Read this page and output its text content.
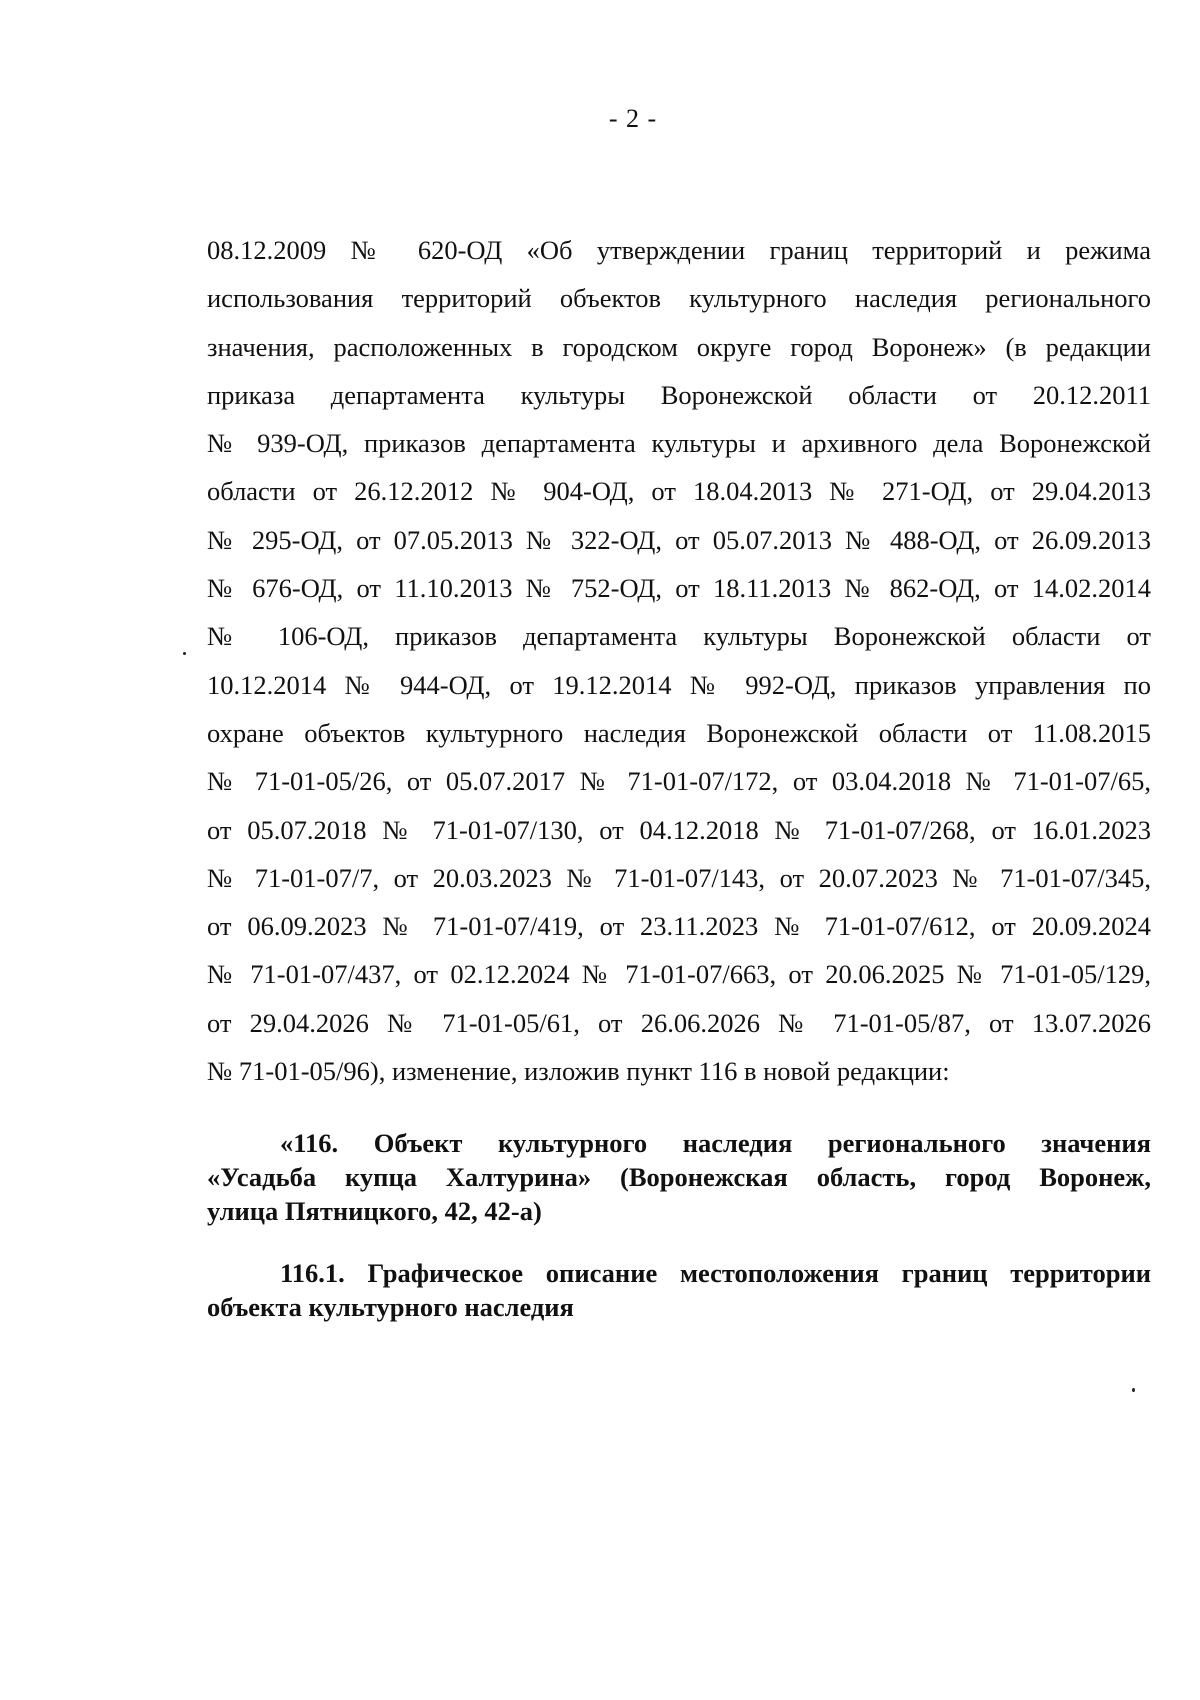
- 2 -
08.12.2009 № 620-ОД «Об утверждении границ территорий и режима
использования территорий объектов культурного наследия регионального
значения, расположенных в городском округе город Воронеж» (в редакции
приказа департамента культуры Воронежской области от 20.12.2011
№ 939-ОД, приказов департамента культуры и архивного дела Воронежской
области от 26.12.2012 № 904-ОД, от 18.04.2013 № 271-ОД, от 29.04.2013
№ 295-ОД, от 07.05.2013 № 322-ОД, от 05.07.2013 № 488-ОД, от 26.09.2013
№ 676-ОД, от 11.10.2013 № 752-ОД, от 18.11.2013 № 862-ОД, от 14.02.2014
№ 106-ОД, приказов департамента культуры Воронежской области от
10.12.2014 № 944-ОД, от 19.12.2014 № 992-ОД, приказов управления по
охране объектов культурного наследия Воронежской области от 11.08.2015
№ 71-01-05/26, от 05.07.2017 № 71-01-07/172, от 03.04.2018 № 71-01-07/65,
от 05.07.2018 № 71-01-07/130, от 04.12.2018 № 71-01-07/268, от 16.01.2023
№ 71-01-07/7, от 20.03.2023 № 71-01-07/143, от 20.07.2023 № 71-01-07/345,
от 06.09.2023 № 71-01-07/419, от 23.11.2023 № 71-01-07/612, от 20.09.2024
№ 71-01-07/437, от 02.12.2024 № 71-01-07/663, от 20.06.2025 № 71-01-05/129,
от 29.04.2026 № 71-01-05/61, от 26.06.2026 № 71-01-05/87, от 13.07.2026
№ 71-01-05/96), изменение, изложив пункт 116 в новой редакции:
«116. Объект культурного наследия регионального значения
«Усадьба купца Халтурина» (Воронежская область, город Воронеж,
улица Пятницкого, 42, 42-а)
116.1. Графическое описание местоположения границ территории
объекта культурного наследия
